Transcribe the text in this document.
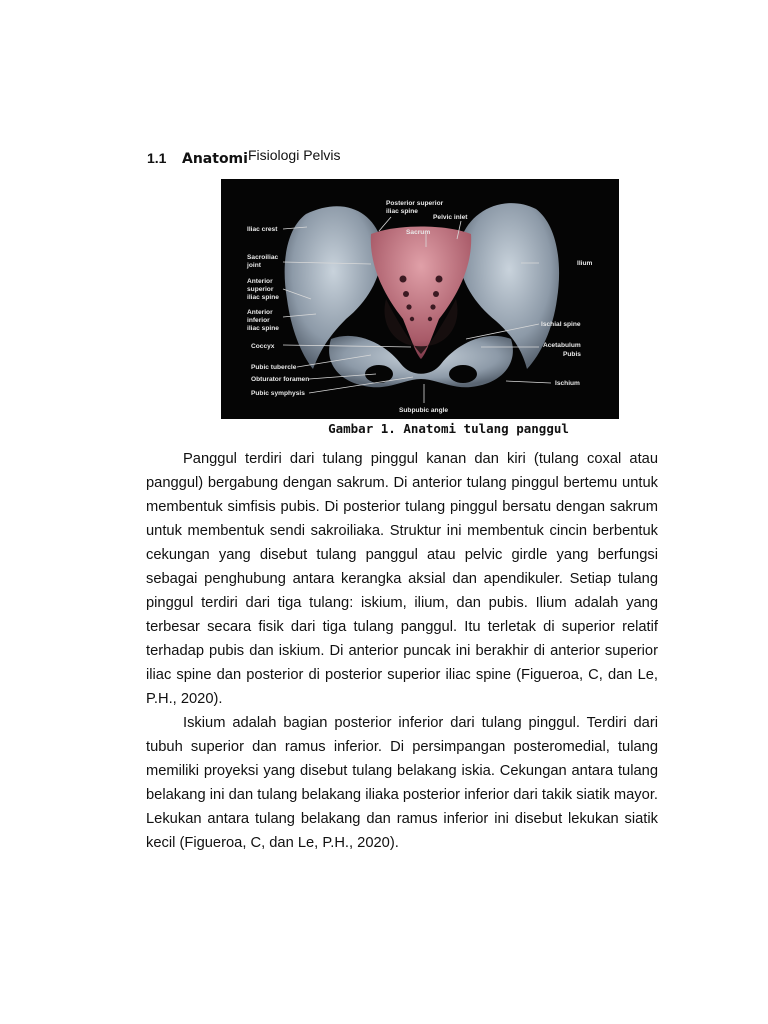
1.1 AnatomiFisiologi Pelvis
Posterior superior iliac spine
Iliac crest
Sacroiliac joint
Anterior superior iliac spine
Anterior inferior iliac spine
Coccyx
Pubic tubercle
Obturator foramen
Pubic symphysis
Sacrum
Pelvic inlet
Ilium
Ischial spine
Acetabulum
Pubis
Ischium
Subpubic angle
Gambar 1. Anatomi tulang panggul

Panggul terdiri dari tulang pinggul kanan dan kiri (tulang coxal atau panggul) bergabung dengan sakrum. Di anterior tulang pinggul bertemu untuk membentuk simfisis pubis. Di posterior tulang pinggul bersatu dengan sakrum untuk membentuk sendi sakroiliaka. Struktur ini membentuk cincin berbentuk cekungan yang disebut tulang panggul atau pelvic girdle yang berfungsi sebagai penghubung antara kerangka aksial dan apendikuler. Setiap tulang pinggul terdiri dari tiga tulang: iskium, ilium, dan pubis. Ilium adalah yang terbesar secara fisik dari tiga tulang panggul. Itu terletak di superior relatif terhadap pubis dan iskium. Di anterior puncak ini berakhir di anterior superior iliac spine dan posterior di posterior superior iliac spine (Figueroa, C, dan Le, P.H., 2020).

Iskium adalah bagian posterior inferior dari tulang pinggul. Terdiri dari tubuh superior dan ramus inferior. Di persimpangan posteromedial, tulang memiliki proyeksi yang disebut tulang belakang iskia. Cekungan antara tulang belakang ini dan tulang belakang iliaka posterior inferior dari takik siatik mayor. Lekukan antara tulang belakang dan ramus inferior ini disebut lekukan siatik kecil (Figueroa, C, dan Le, P.H., 2020).
